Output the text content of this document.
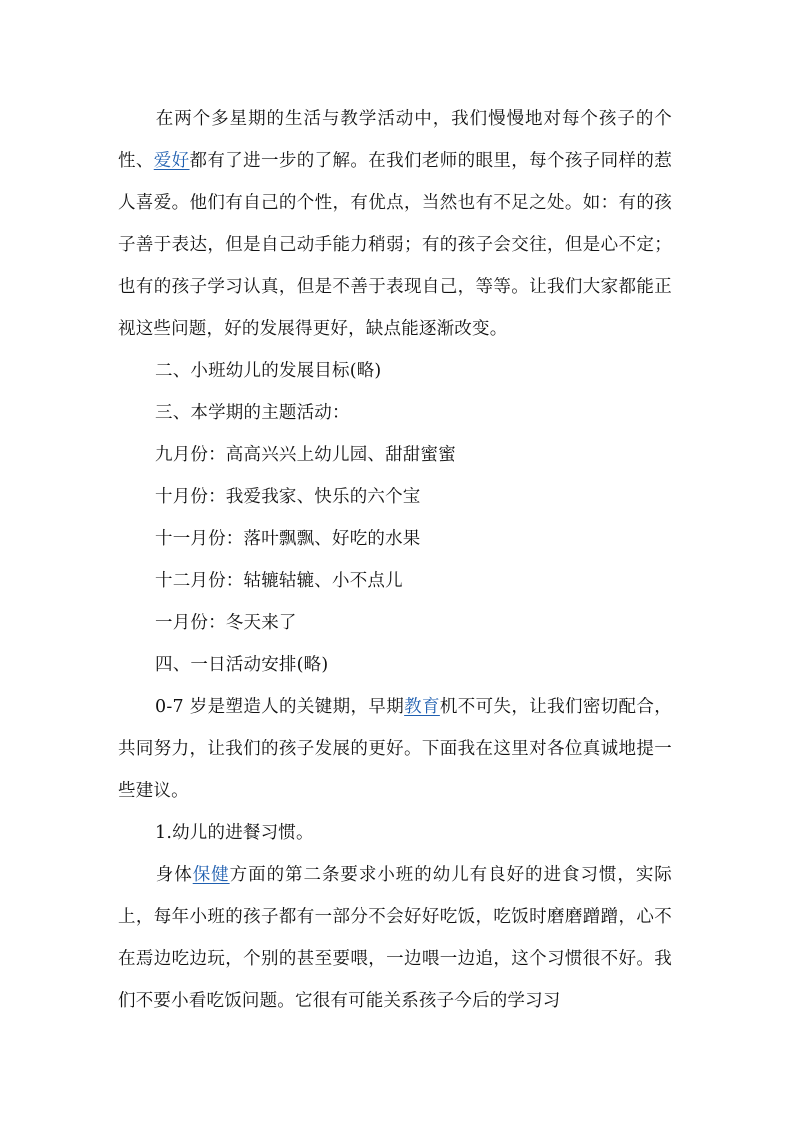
在两个多星期的生活与教学活动中，我们慢慢地对每个孩子的个性、爱好都有了进一步的了解。在我们老师的眼里，每个孩子同样的惹人喜爱。他们有自己的个性，有优点，当然也有不足之处。如：有的孩子善于表达，但是自己动手能力稍弱；有的孩子会交往，但是心不定；也有的孩子学习认真，但是不善于表现自己，等等。让我们大家都能正视这些问题，好的发展得更好，缺点能逐渐改变。

二、小班幼儿的发展目标(略)

三、本学期的主题活动：

九月份：高高兴兴上幼儿园、甜甜蜜蜜

十月份：我爱我家、快乐的六个宝

十一月份：落叶飘飘、好吃的水果

十二月份：轱辘轱辘、小不点儿

一月份：冬天来了

四、一日活动安排(略)

0-7 岁是塑造人的关键期，早期教育机不可失，让我们密切配合，共同努力，让我们的孩子发展的更好。下面我在这里对各位真诚地提一些建议。

1.幼儿的进餐习惯。

身体保健方面的第二条要求小班的幼儿有良好的进食习惯，实际上，每年小班的孩子都有一部分不会好好吃饭，吃饭时磨磨蹭蹭，心不在焉边吃边玩，个别的甚至要喂，一边喂一边追，这个习惯很不好。我们不要小看吃饭问题。它很有可能关系孩子今后的学习习
